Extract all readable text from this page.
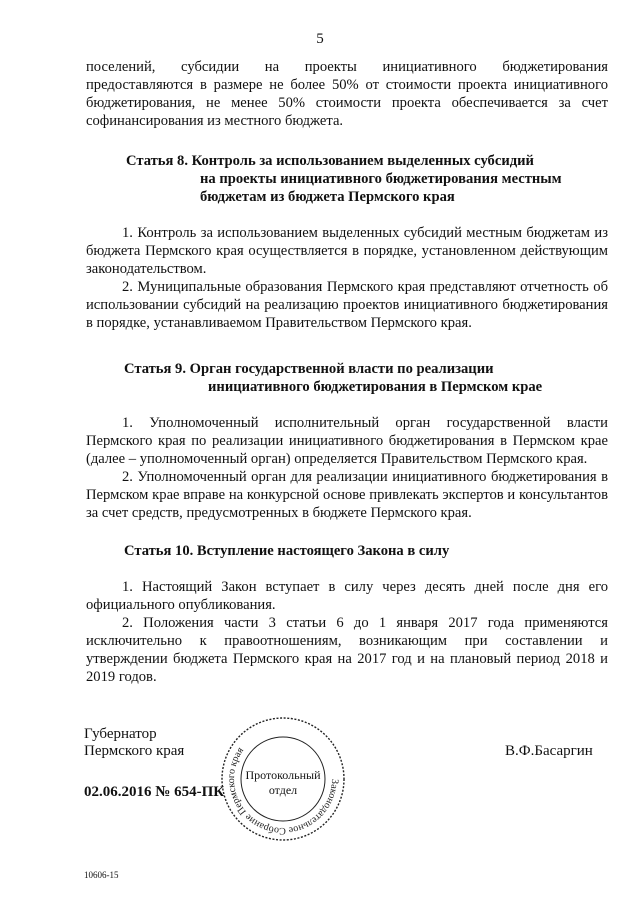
5

поселений, субсидии на проекты инициативного бюджетирования предоставляются в размере не более 50% от стоимости проекта инициативного бюджетирования, не менее 50% стоимости проекта обеспечивается за счет софинансирования из местного бюджета.

Статья 8. Контроль за использованием выделенных субсидий
на проекты инициативного бюджетирования местным
бюджетам из бюджета Пермского края

1. Контроль за использованием выделенных субсидий местным бюджетам из бюджета Пермского края осуществляется в порядке, установленном действующим законодательством.

2. Муниципальные образования Пермского края представляют отчетность об использовании субсидий на реализацию проектов инициативного бюджетирования в порядке, устанавливаемом Правительством Пермского края.

Статья 9. Орган государственной власти по реализации
инициативного бюджетирования в Пермском крае

1. Уполномоченный исполнительный орган государственной власти Пермского края по реализации инициативного бюджетирования в Пермском крае (далее – уполномоченный орган) определяется Правительством Пермского края.

2. Уполномоченный орган для реализации инициативного бюджетирования в Пермском крае вправе на конкурсной основе привлекать экспертов и консультантов за счет средств, предусмотренных в бюджете Пермского края.

Статья 10. Вступление настоящего Закона в силу

1. Настоящий Закон вступает в силу через десять дней после дня его официального опубликования.

2. Положения части 3 статьи 6 до 1 января 2017 года применяются исключительно к правоотношениям, возникающим при составлении и утверждении бюджета Пермского края на 2017 год и на плановый период 2018 и 2019 годов.

Губернатор
Пермского края	В.Ф.Басаргин
02.06.2016 № 654-ПК
Законодательное Собрание Пермского края
Протокольный
отдел
10606-15
